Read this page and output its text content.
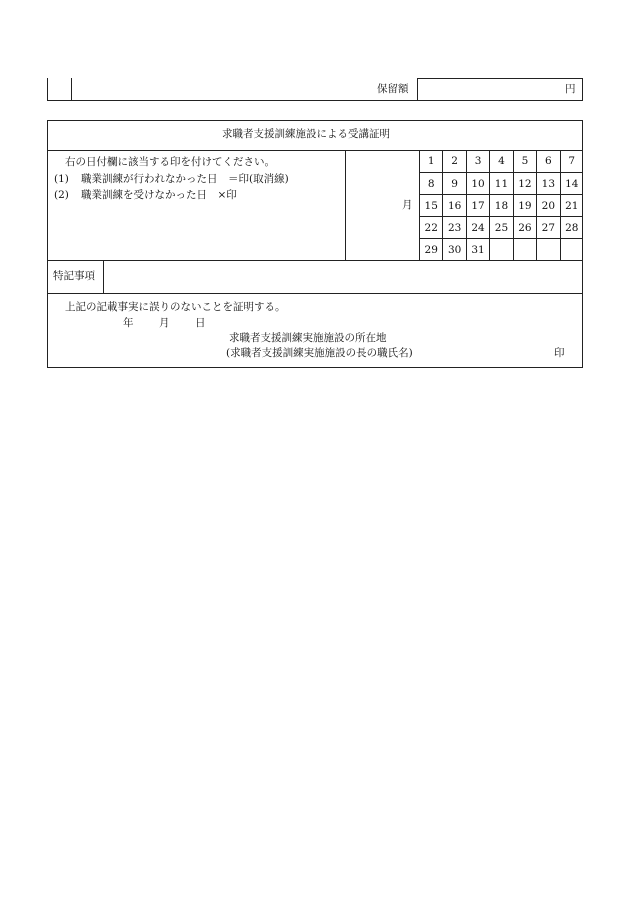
保留額	円
求職者支援訓練施設による受講証明
右の日付欄に該当する印を付けてください。
(1) 職業訓練が行われなかった日　＝印(取消線)
(2) 職業訓練を受けなかった日　×印
月
1	2	3	4	5	6	7
8	9	10 11 12 13 14
15 16 17 18 19 20 21
22 23 24 25 26 27 28
29 30 31
特記事項
上記の記載事実に誤りのないことを証明する。
年 月 日
求職者支援訓練実施施設の所在地
(求職者支援訓練実施施設の長の職氏名)	印
